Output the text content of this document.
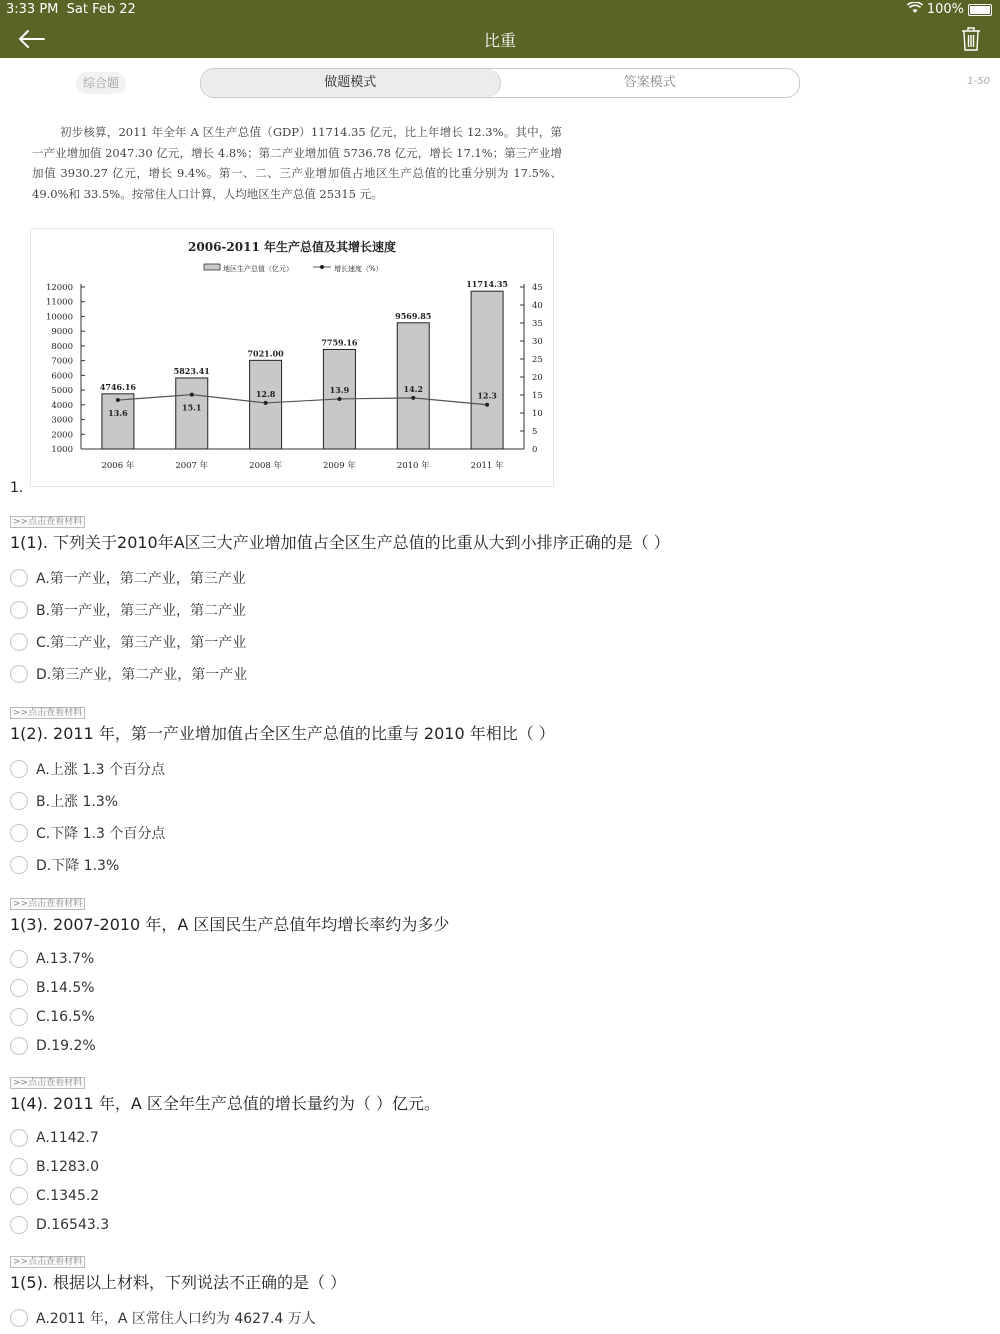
3:33 PM Sat Feb 22	100%
比重
综合题	做题模式	答案模式	1-50
初步核算，2011 年全年 A 区生产总值（GDP）11714.35 亿元，比上年增长 12.3%。其中，第一产业增加值 2047.30 亿元，增长 4.8%；第二产业增加值 5736.78 亿元，增长 17.1%；第三产业增加值 3930.27 亿元，增长 9.4%。第一、二、三产业增加值占地区生产总值的比重分别为 17.5%、49.0%和 33.5%。按常住人口计算，人均地区生产总值 25315 元。
2006-2011 年生产总值及其增长速度
地区生产总值（亿元）	增长速度（%）
12000
11000
10000
9000
8000
7000
6000
5000
4000
3000
2000
1000
45
40
35
30
25
20
15
10
5
0
4746.16
2006 年
5823.41
2007 年
7021.00
2008 年
7759.16
2009 年
9569.85
2010 年
11714.35
2011 年
13.6
15.1
12.8	13.9	14.2
12.3
1.
>>点击查看材料
1(1). 下列关于2010年A区三大产业增加值占全区生产总值的比重从大到小排序正确的是（ ）
A.第一产业，第二产业，第三产业
B.第一产业，第三产业，第二产业
C.第二产业，第三产业，第一产业
D.第三产业，第二产业，第一产业
>>点击查看材料
1(2). 2011 年，第一产业增加值占全区生产总值的比重与 2010 年相比（ ）
A.上涨 1.3 个百分点
B.上涨 1.3%
C.下降 1.3 个百分点
D.下降 1.3%
>>点击查看材料
1(3). 2007-2010 年，A 区国民生产总值年均增长率约为多少
A.13.7%
B.14.5%
C.16.5%
D.19.2%
>>点击查看材料
1(4). 2011 年，A 区全年生产总值的增长量约为（ ）亿元。
A.1142.7
B.1283.0
C.1345.2
D.16543.3
>>点击查看材料
1(5). 根据以上材料，下列说法不正确的是（ ）
A.2011 年，A 区常住人口约为 4627.4 万人
